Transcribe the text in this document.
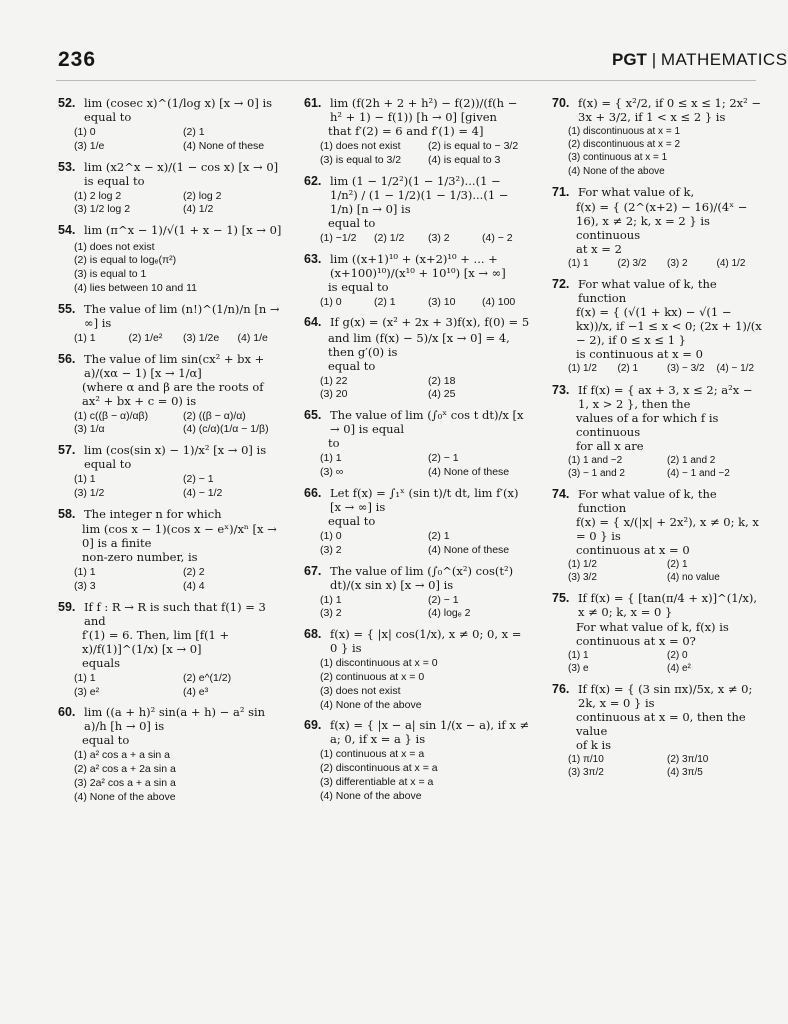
236	PGT | MATHEMATICS
52. lim (cosec x)^(1/log x) [x → 0] is equal to
(1) 0	(2) 1
(3) 1/e	(4) None of these
53. lim (x2^x − x)/(1 − cos x) [x → 0] is equal to
(1) 2 log 2	(2) log 2
(3) 1/2 log 2	(4) 1/2
54. lim (π^x − 1)/√(1 + x − 1) [x → 0]
(1) does not exist
(2) is equal to logₑ(π²)
(3) is equal to 1
(4) lies between 10 and 11
55. The value of lim (n!)^(1/n)/n [n → ∞] is
(1) 1	(2) 1/e²	(3) 1/2e	(4) 1/e
56. The value of lim sin(cx² + bx + a)/(xα − 1) [x → 1/α]
(where α and β are the roots of
ax² + bx + c = 0) is
(1) c((β − α)/αβ)	(2) ((β − α)/α)
(3) 1/α	(4) (c/α)(1/α − 1/β)
57. lim (cos(sin x) − 1)/x² [x → 0] is equal to
(1) 1	(2) − 1
(3) 1/2	(4) − 1/2
58. The integer n for which
lim (cos x − 1)(cos x − eˣ)/xⁿ [x → 0] is a finite
non-zero number, is
(1) 1	(2) 2
(3) 3	(4) 4
59. If f : R → R is such that f(1) = 3 and
f′(1) = 6. Then, lim [f(1 + x)/f(1)]^(1/x) [x → 0]
equals
(1) 1	(2) e^(1/2)
(3) e²	(4) e³
60. lim ((a + h)² sin(a + h) − a² sin a)/h [h → 0] is
equal to
(1) a² cos a + a sin a
(2) a² cos a + 2a sin a
(3) 2a² cos a + a sin a
(4) None of the above
61. lim (f(2h + 2 + h²) − f(2))/(f(h − h² + 1) − f(1)) [h → 0] [given
that f′(2) = 6 and f′(1) = 4]
(1) does not exist	(2) is equal to − 3/2
(3) is equal to 3/2	(4) is equal to 3
62. lim (1 − 1/2²)(1 − 1/3²)...(1 − 1/n²) / (1 − 1/2)(1 − 1/3)...(1 − 1/n) [n → 0] is
equal to
(1) −1/2	(2) 1/2	(3) 2	(4) − 2
63. lim ((x+1)¹⁰ + (x+2)¹⁰ + ... + (x+100)¹⁰)/(x¹⁰ + 10¹⁰) [x → ∞]
is equal to
(1) 0	(2) 1	(3) 10	(4) 100
64. If g(x) = (x² + 2x + 3)f(x), f(0) = 5
and lim (f(x) − 5)/x [x → 0] = 4, then g′(0) is
equal to
(1) 22	(2) 18
(3) 20	(4) 25
65. The value of lim (∫₀ˣ cos t dt)/x [x → 0] is equal
to
(1) 1	(2) − 1
(3) ∞	(4) None of these
66. Let f(x) = ∫₁ˣ (sin t)/t dt, lim f′(x) [x → ∞] is
equal to
(1) 0	(2) 1
(3) 2	(4) None of these
67. The value of lim (∫₀^(x²) cos(t²) dt)/(x sin x) [x → 0] is
(1) 1	(2) − 1
(3) 2	(4) logₑ 2
68. f(x) = { |x| cos(1/x), x ≠ 0; 0, x = 0 } is
(1) discontinuous at x = 0
(2) continuous at x = 0
(3) does not exist
(4) None of the above
69. f(x) = { |x − a| sin 1/(x − a), if x ≠ a; 0, if x = a } is
(1) continuous at x = a
(2) discontinuous at x = a
(3) differentiable at x = a
(4) None of the above
70. f(x) = { x²/2, if 0 ≤ x ≤ 1; 2x² − 3x + 3/2, if 1 < x ≤ 2 } is
(1) discontinuous at x = 1
(2) discontinuous at x = 2
(3) continuous at x = 1
(4) None of the above
71. For what value of k,
f(x) = { (2^(x+2) − 16)/(4ˣ − 16), x ≠ 2; k, x = 2 } is continuous
at x = 2
(1) 1	(2) 3/2	(3) 2	(4) 1/2
72. For what value of k, the function
f(x) = { (√(1 + kx) − √(1 − kx))/x, if −1 ≤ x < 0; (2x + 1)/(x − 2), if 0 ≤ x ≤ 1 }
is continuous at x = 0
(1) 1/2	(2) 1	(3) − 3/2	(4) − 1/2
73. If f(x) = { ax + 3, x ≤ 2; a²x − 1, x > 2 }, then the
values of a for which f is continuous
for all x are
(1) 1 and −2	(2) 1 and 2
(3) − 1 and 2	(4) − 1 and −2
74. For what value of k, the function
f(x) = { x/(|x| + 2x²), x ≠ 0; k, x = 0 } is
continuous at x = 0
(1) 1/2	(2) 1
(3) 3/2	(4) no value
75. If f(x) = { [tan(π/4 + x)]^(1/x), x ≠ 0; k, x = 0 }
For what value of k, f(x) is
continuous at x = 0?
(1) 1	(2) 0
(3) e	(4) e²
76. If f(x) = { (3 sin πx)/5x, x ≠ 0; 2k, x = 0 } is
continuous at x = 0, then the value
of k is
(1) π/10	(2) 3π/10
(3) 3π/2	(4) 3π/5
